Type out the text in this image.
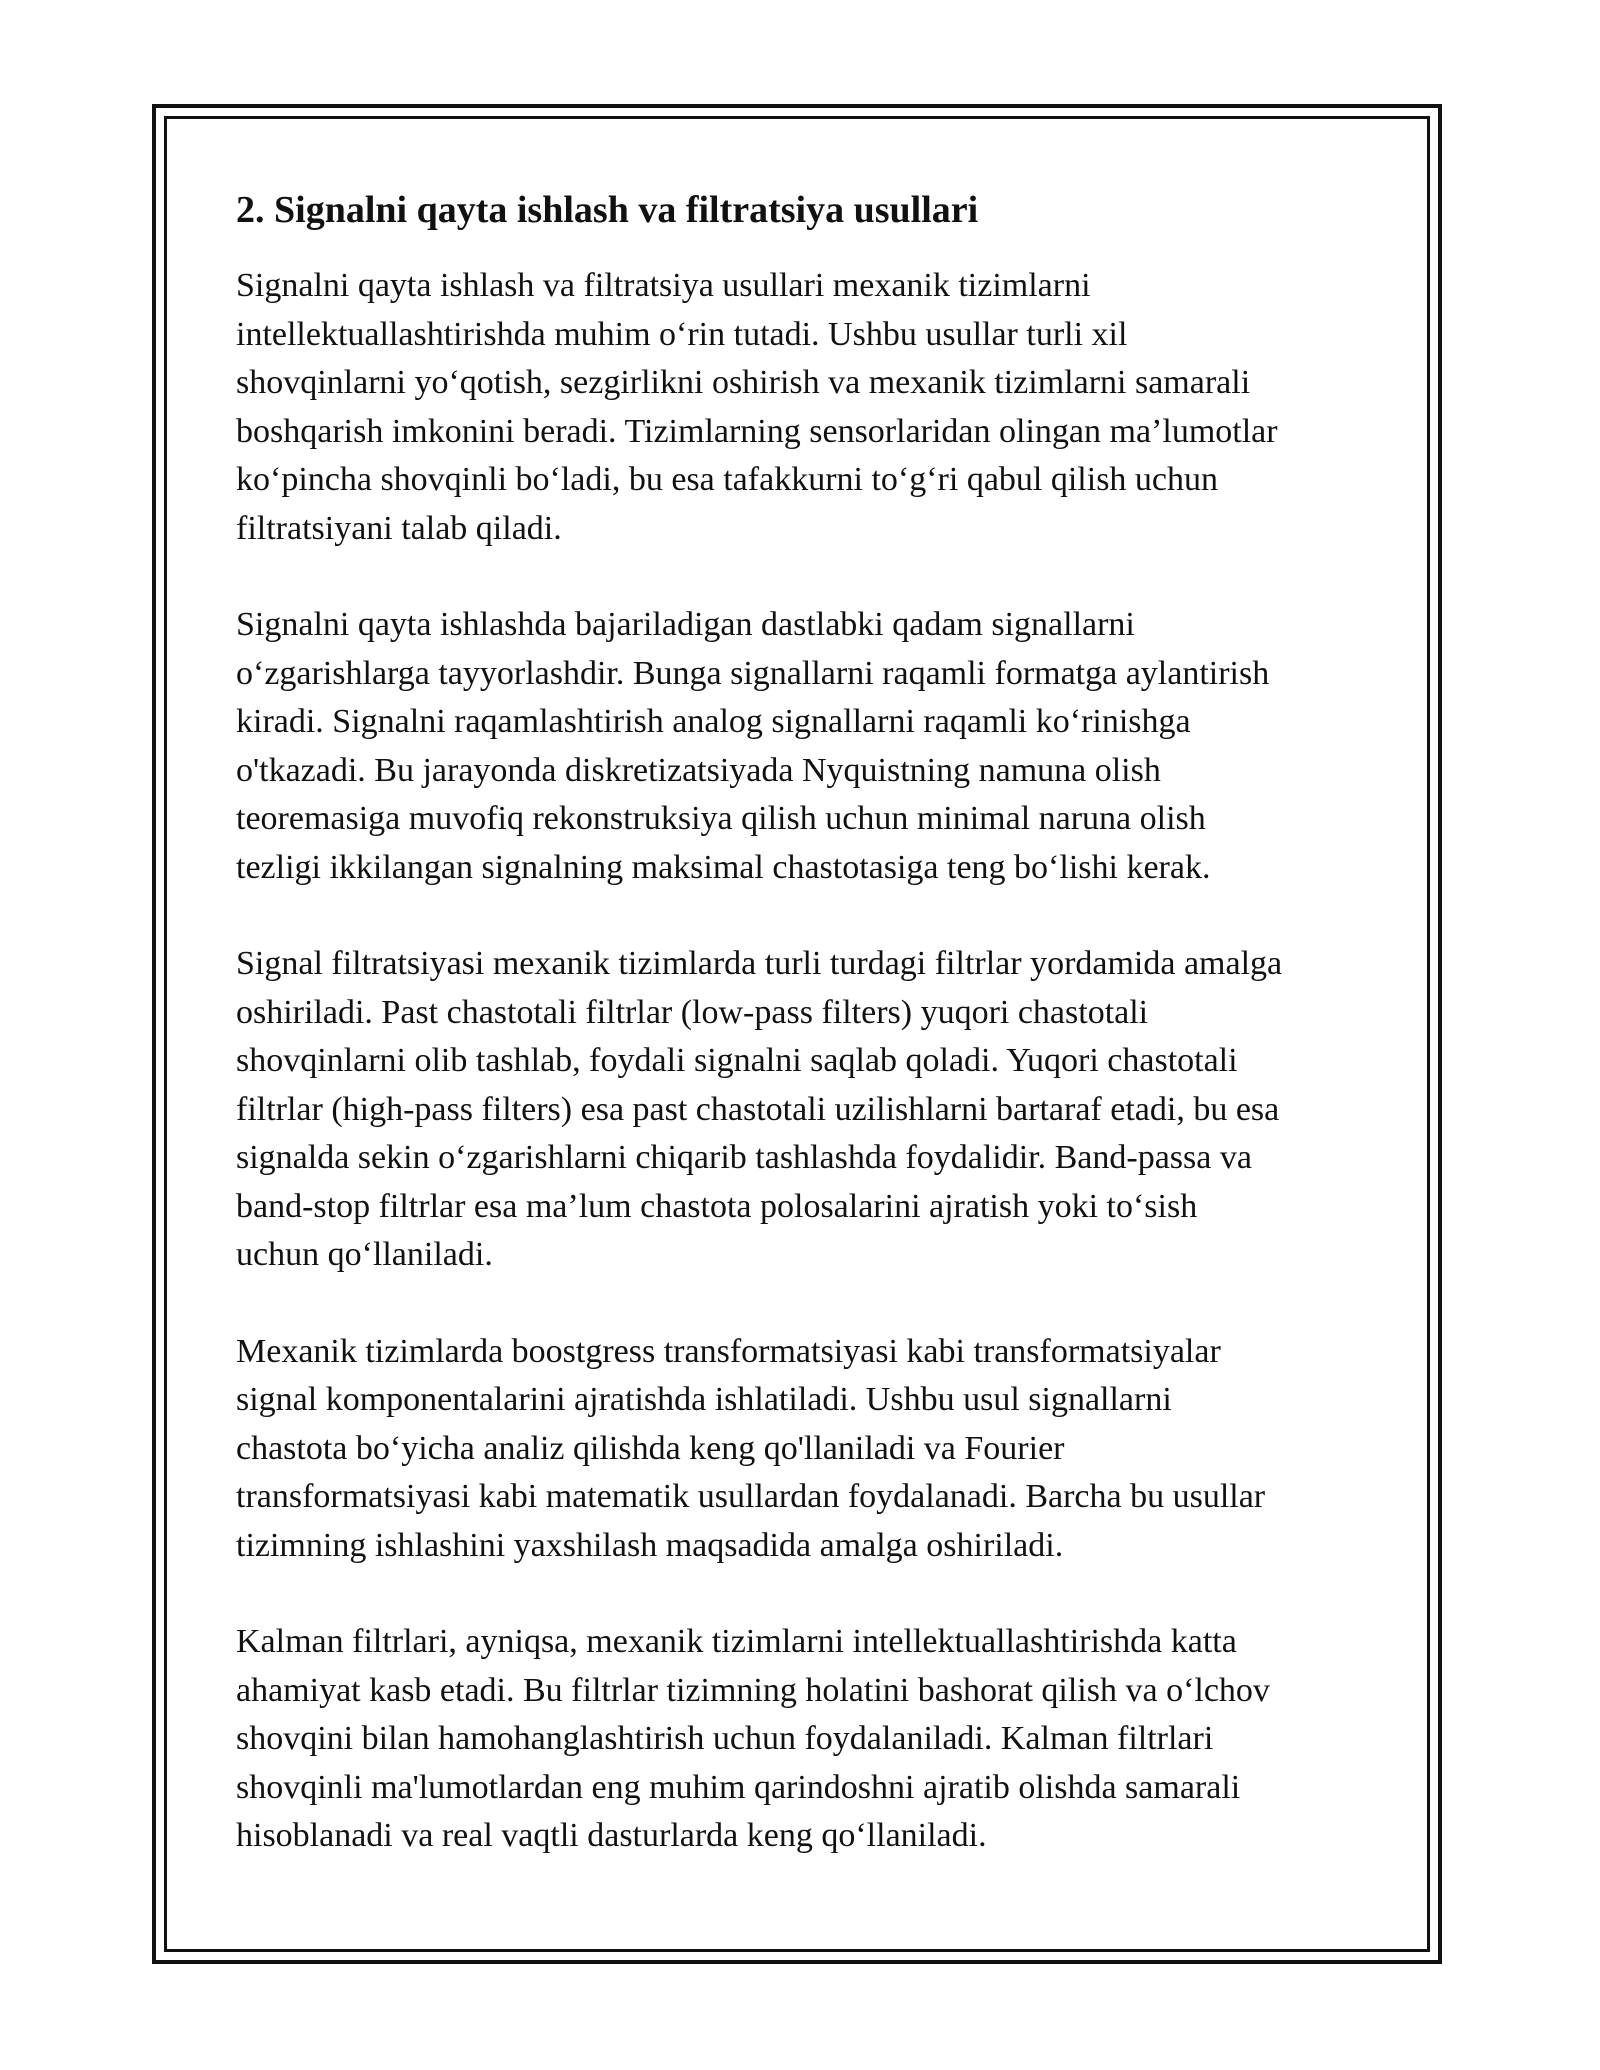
2. Signalni qayta ishlash va filtratsiya usullari

Signalni qayta ishlash va filtratsiya usullari mexanik tizimlarni
intellektuallashtirishda muhim o‘rin tutadi. Ushbu usullar turli xil
shovqinlarni yo‘qotish, sezgirlikni oshirish va mexanik tizimlarni samarali
boshqarish imkonini beradi. Tizimlarning sensorlaridan olingan ma’lumotlar
ko‘pincha shovqinli bo‘ladi, bu esa tafakkurni to‘g‘ri qabul qilish uchun
filtratsiyani talab qiladi.

Signalni qayta ishlashda bajariladigan dastlabki qadam signallarni
o‘zgarishlarga tayyorlashdir. Bunga signallarni raqamli formatga aylantirish
kiradi. Signalni raqamlashtirish analog signallarni raqamli ko‘rinishga
o'tkazadi. Bu jarayonda diskretizatsiyada Nyquistning namuna olish
teoremasiga muvofiq rekonstruksiya qilish uchun minimal naruna olish
tezligi ikkilangan signalning maksimal chastotasiga teng bo‘lishi kerak.

Signal filtratsiyasi mexanik tizimlarda turli turdagi filtrlar yordamida amalga
oshiriladi. Past chastotali filtrlar (low-pass filters) yuqori chastotali
shovqinlarni olib tashlab, foydali signalni saqlab qoladi. Yuqori chastotali
filtrlar (high-pass filters) esa past chastotali uzilishlarni bartaraf etadi, bu esa
signalda sekin o‘zgarishlarni chiqarib tashlashda foydalidir. Band-passa va
band-stop filtrlar esa ma’lum chastota polosalarini ajratish yoki to‘sish
uchun qo‘llaniladi.

Mexanik tizimlarda boostgress transformatsiyasi kabi transformatsiyalar
signal komponentalarini ajratishda ishlatiladi. Ushbu usul signallarni
chastota bo‘yicha analiz qilishda keng qo'llaniladi va Fourier
transformatsiyasi kabi matematik usullardan foydalanadi. Barcha bu usullar
tizimning ishlashini yaxshilash maqsadida amalga oshiriladi.

Kalman filtrlari, ayniqsa, mexanik tizimlarni intellektuallashtirishda katta
ahamiyat kasb etadi. Bu filtrlar tizimning holatini bashorat qilish va o‘lchov
shovqini bilan hamohanglashtirish uchun foydalaniladi. Kalman filtrlari
shovqinli ma'lumotlardan eng muhim qarindoshni ajratib olishda samarali
hisoblanadi va real vaqtli dasturlarda keng qo‘llaniladi.
